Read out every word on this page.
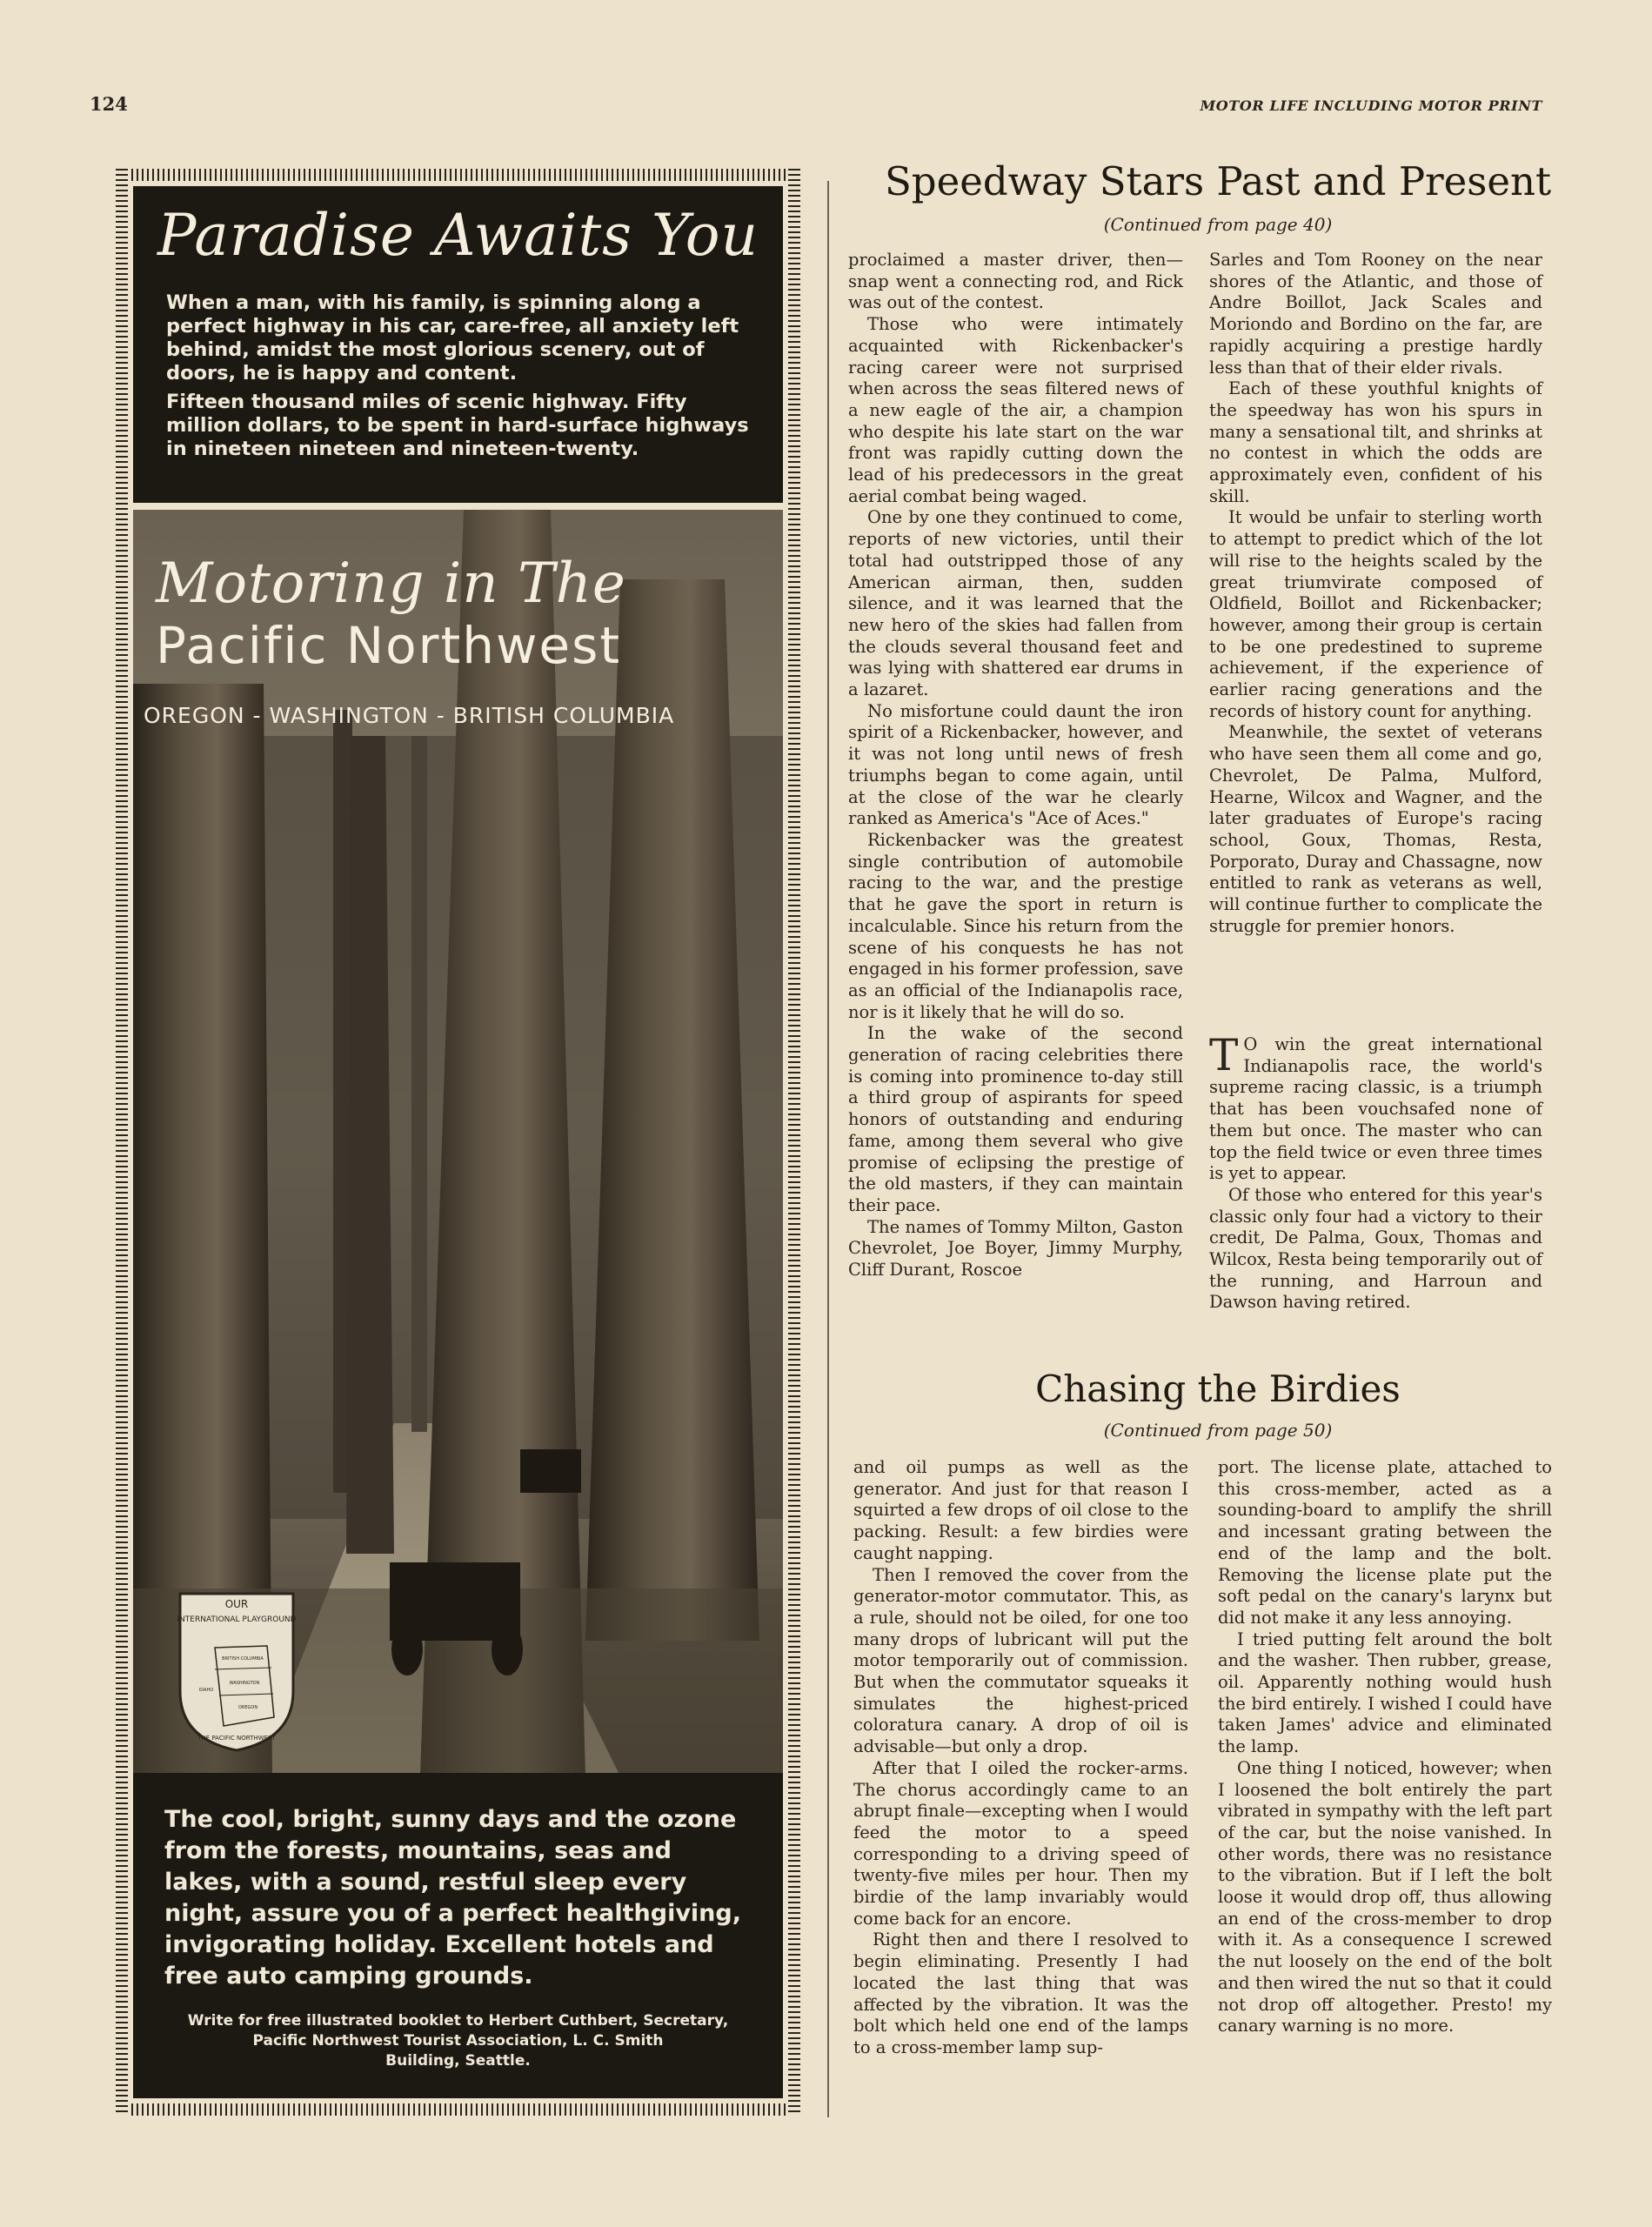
124	MOTOR LIFE INCLUDING MOTOR PRINT
Paradise Awaits You

When a man, with his family, is spinning along a perfect highway in his car, care-free, all anxiety left behind, amidst the most glorious scenery, out of doors, he is happy and content.

Fifteen thousand miles of scenic highway. Fifty million dollars, to be spent in hard-surface highways in nineteen nineteen and nineteen-twenty.

Motoring in The
Pacific Northwest
OREGON - WASHINGTON - BRITISH COLUMBIA
OUR
INTERNATIONAL PLAYGROUND
BRITISH COLUMBIA
WASHINGTON
OREGON
IDAHO
THE PACIFIC NORTHWEST
The cool, bright, sunny days and the ozone from the forests, mountains, seas and lakes, with a sound, restful sleep every night, assure you of a perfect healthgiving, invigorating holiday. Excellent hotels and free auto camping grounds.
Write for free illustrated booklet to Herbert Cuthbert, Secretary,
Pacific Northwest Tourist Association, L. C. Smith
Building, Seattle.
Speedway Stars Past and Present
(Continued from page 40)

proclaimed a master driver, then—snap went a connecting rod, and Rick was out of the contest.

Those who were intimately acquainted with Rickenbacker's racing career were not surprised when across the seas filtered news of a new eagle of the air, a champion who despite his late start on the war front was rapidly cutting down the lead of his predecessors in the great aerial combat being waged.

One by one they continued to come, reports of new victories, until their total had outstripped those of any American airman, then, sudden silence, and it was learned that the new hero of the skies had fallen from the clouds several thousand feet and was lying with shattered ear drums in a lazaret.

No misfortune could daunt the iron spirit of a Rickenbacker, however, and it was not long until news of fresh triumphs began to come again, until at the close of the war he clearly ranked as America's "Ace of Aces."

Rickenbacker was the greatest single contribution of automobile racing to the war, and the prestige that he gave the sport in return is incalculable. Since his return from the scene of his conquests he has not engaged in his former profession, save as an official of the Indianapolis race, nor is it likely that he will do so.

In the wake of the second generation of racing celebrities there is coming into prominence to-day still a third group of aspirants for speed honors of outstanding and enduring fame, among them several who give promise of eclipsing the prestige of the old masters, if they can maintain their pace.

The names of Tommy Milton, Gaston Chevrolet, Joe Boyer, Jimmy Murphy, Cliff Durant, Roscoe

Sarles and Tom Rooney on the near shores of the Atlantic, and those of Andre Boillot, Jack Scales and Moriondo and Bordino on the far, are rapidly acquiring a prestige hardly less than that of their elder rivals.

Each of these youthful knights of the speedway has won his spurs in many a sensational tilt, and shrinks at no contest in which the odds are approximately even, confident of his skill.

It would be unfair to sterling worth to attempt to predict which of the lot will rise to the heights scaled by the great triumvirate composed of Oldfield, Boillot and Rickenbacker; however, among their group is certain to be one predestined to supreme achievement, if the experience of earlier racing generations and the records of history count for anything.

Meanwhile, the sextet of veterans who have seen them all come and go, Chevrolet, De Palma, Mulford, Hearne, Wilcox and Wagner, and the later graduates of Europe's racing school, Goux, Thomas, Resta, Porporato, Duray and Chassagne, now entitled to rank as veterans as well, will continue further to complicate the struggle for premier honors.

T O win the great international Indianapolis race, the world's supreme racing classic, is a triumph that has been vouchsafed none of them but once. The master who can top the field twice or even three times is yet to appear.

Of those who entered for this year's classic only four had a victory to their credit, De Palma, Goux, Thomas and Wilcox, Resta being temporarily out of the running, and Harroun and Dawson having retired.

Chasing the Birdies
(Continued from page 50)

and oil pumps as well as the generator. And just for that reason I squirted a few drops of oil close to the packing. Result: a few birdies were caught napping.

Then I removed the cover from the generator-motor commutator. This, as a rule, should not be oiled, for one too many drops of lubricant will put the motor temporarily out of commission. But when the commutator squeaks it simulates the highest-priced coloratura canary. A drop of oil is advisable—but only a drop.

After that I oiled the rocker-arms. The chorus accordingly came to an abrupt finale—excepting when I would feed the motor to a speed corresponding to a driving speed of twenty-five miles per hour. Then my birdie of the lamp invariably would come back for an encore.

Right then and there I resolved to begin eliminating. Presently I had located the last thing that was affected by the vibration. It was the bolt which held one end of the lamps to a cross-member lamp sup-

port. The license plate, attached to this cross-member, acted as a sounding-board to amplify the shrill and incessant grating between the end of the lamp and the bolt. Removing the license plate put the soft pedal on the canary's larynx but did not make it any less annoying.

I tried putting felt around the bolt and the washer. Then rubber, grease, oil. Apparently nothing would hush the bird entirely. I wished I could have taken James' advice and eliminated the lamp.

One thing I noticed, however; when I loosened the bolt entirely the part vibrated in sympathy with the left part of the car, but the noise vanished. In other words, there was no resistance to the vibration. But if I left the bolt loose it would drop off, thus allowing an end of the cross-member to drop with it. As a consequence I screwed the nut loosely on the end of the bolt and then wired the nut so that it could not drop off altogether. Presto! my canary warning is no more.
